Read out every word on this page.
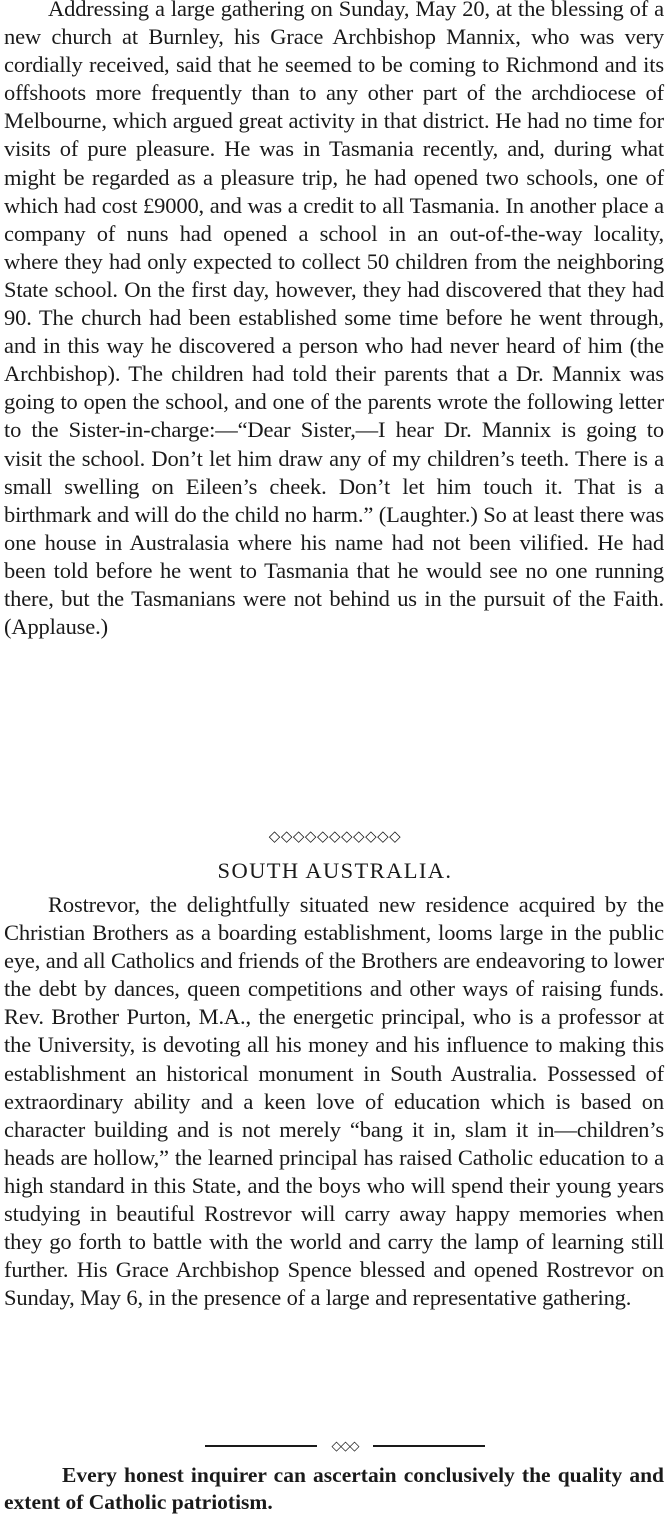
Addressing a large gathering on Sunday, May 20, at the blessing of a new church at Burnley, his Grace Archbishop Mannix, who was very cordially received, said that he seemed to be coming to Richmond and its offshoots more frequently than to any other part of the archdiocese of Melbourne, which argued great activity in that district. He had no time for visits of pure pleasure. He was in Tasmania recently, and, during what might be regarded as a pleasure trip, he had opened two schools, one of which had cost £9000, and was a credit to all Tasmania. In another place a company of nuns had opened a school in an out-of-the-way locality, where they had only expected to collect 50 children from the neighboring State school. On the first day, however, they had discovered that they had 90. The church had been established some time before he went through, and in this way he discovered a person who had never heard of him (the Archbishop). The children had told their parents that a Dr. Mannix was going to open the school, and one of the parents wrote the following letter to the Sister-in-charge:—“Dear Sister,—I hear Dr. Mannix is going to visit the school. Don’t let him draw any of my children’s teeth. There is a small swelling on Eileen’s cheek. Don’t let him touch it. That is a birthmark and will do the child no harm.” (Laughter.) So at least there was one house in Australasia where his name had not been vilified. He had been told before he went to Tasmania that he would see no one running there, but the Tasmanians were not behind us in the pursuit of the Faith. (Applause.)

◇◇◇◇◇◇◇◇◇◇◇
SOUTH AUSTRALIA.

Rostrevor, the delightfully situated new residence acquired by the Christian Brothers as a boarding establishment, looms large in the public eye, and all Catholics and friends of the Brothers are endeavoring to lower the debt by dances, queen competitions and other ways of raising funds. Rev. Brother Purton, M.A., the energetic principal, who is a professor at the University, is devoting all his money and his influence to making this establishment an historical monument in South Australia. Possessed of extraordinary ability and a keen love of education which is based on character building and is not merely “bang it in, slam it in—children’s heads are hollow,” the learned principal has raised Catholic education to a high standard in this State, and the boys who will spend their young years studying in beautiful Rostrevor will carry away happy memories when they go forth to battle with the world and carry the lamp of learning still further. His Grace Archbishop Spence blessed and opened Rostrevor on Sunday, May 6, in the presence of a large and representative gathering.

◇◇◇

Every honest inquirer can ascertain conclusively the quality and extent of Catholic patriotism.
